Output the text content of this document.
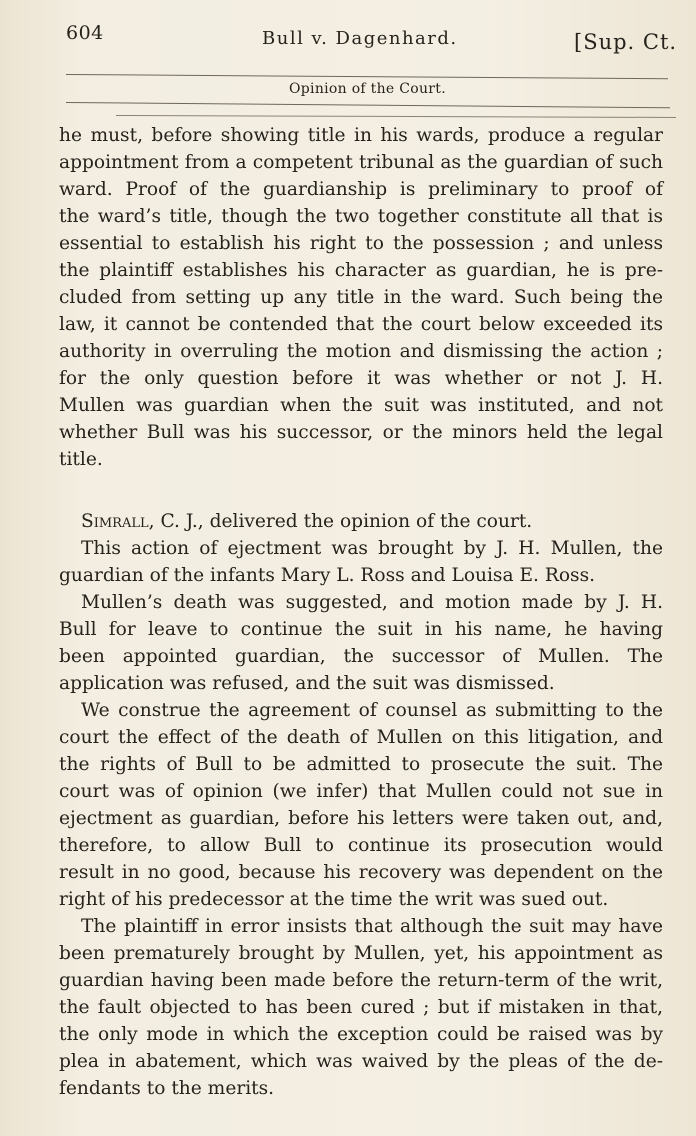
604	Bull v. Dagenhard.	[Sup. Ct.
Opinion of the Court.
he must, before showing title in his wards, produce a regular
appointment from a competent tribunal as the guardian of such
ward. Proof of the guardianship is preliminary to proof of
the ward’s title, though the two together constitute all that is
essential to establish his right to the possession ; and unless
the plaintiff establishes his character as guardian, he is pre-
cluded from setting up any title in the ward. Such being the
law, it cannot be contended that the court below exceeded its
authority in overruling the motion and dismissing the action ;
for the only question before it was whether or not J. H.
Mullen was guardian when the suit was instituted, and not
whether Bull was his successor, or the minors held the legal
title.
Simrall, C. J., delivered the opinion of the court.
This action of ejectment was brought by J. H. Mullen, the
guardian of the infants Mary L. Ross and Louisa E. Ross.
Mullen’s death was suggested, and motion made by J. H.
Bull for leave to continue the suit in his name, he having
been appointed guardian, the successor of Mullen. The
application was refused, and the suit was dismissed.
We construe the agreement of counsel as submitting to the
court the effect of the death of Mullen on this litigation, and
the rights of Bull to be admitted to prosecute the suit. The
court was of opinion (we infer) that Mullen could not sue in
ejectment as guardian, before his letters were taken out, and,
therefore, to allow Bull to continue its prosecution would
result in no good, because his recovery was dependent on the
right of his predecessor at the time the writ was sued out.
The plaintiff in error insists that although the suit may have
been prematurely brought by Mullen, yet, his appointment as
guardian having been made before the return-term of the writ,
the fault objected to has been cured ; but if mistaken in that,
the only mode in which the exception could be raised was by
plea in abatement, which was waived by the pleas of the de-
fendants to the merits.
